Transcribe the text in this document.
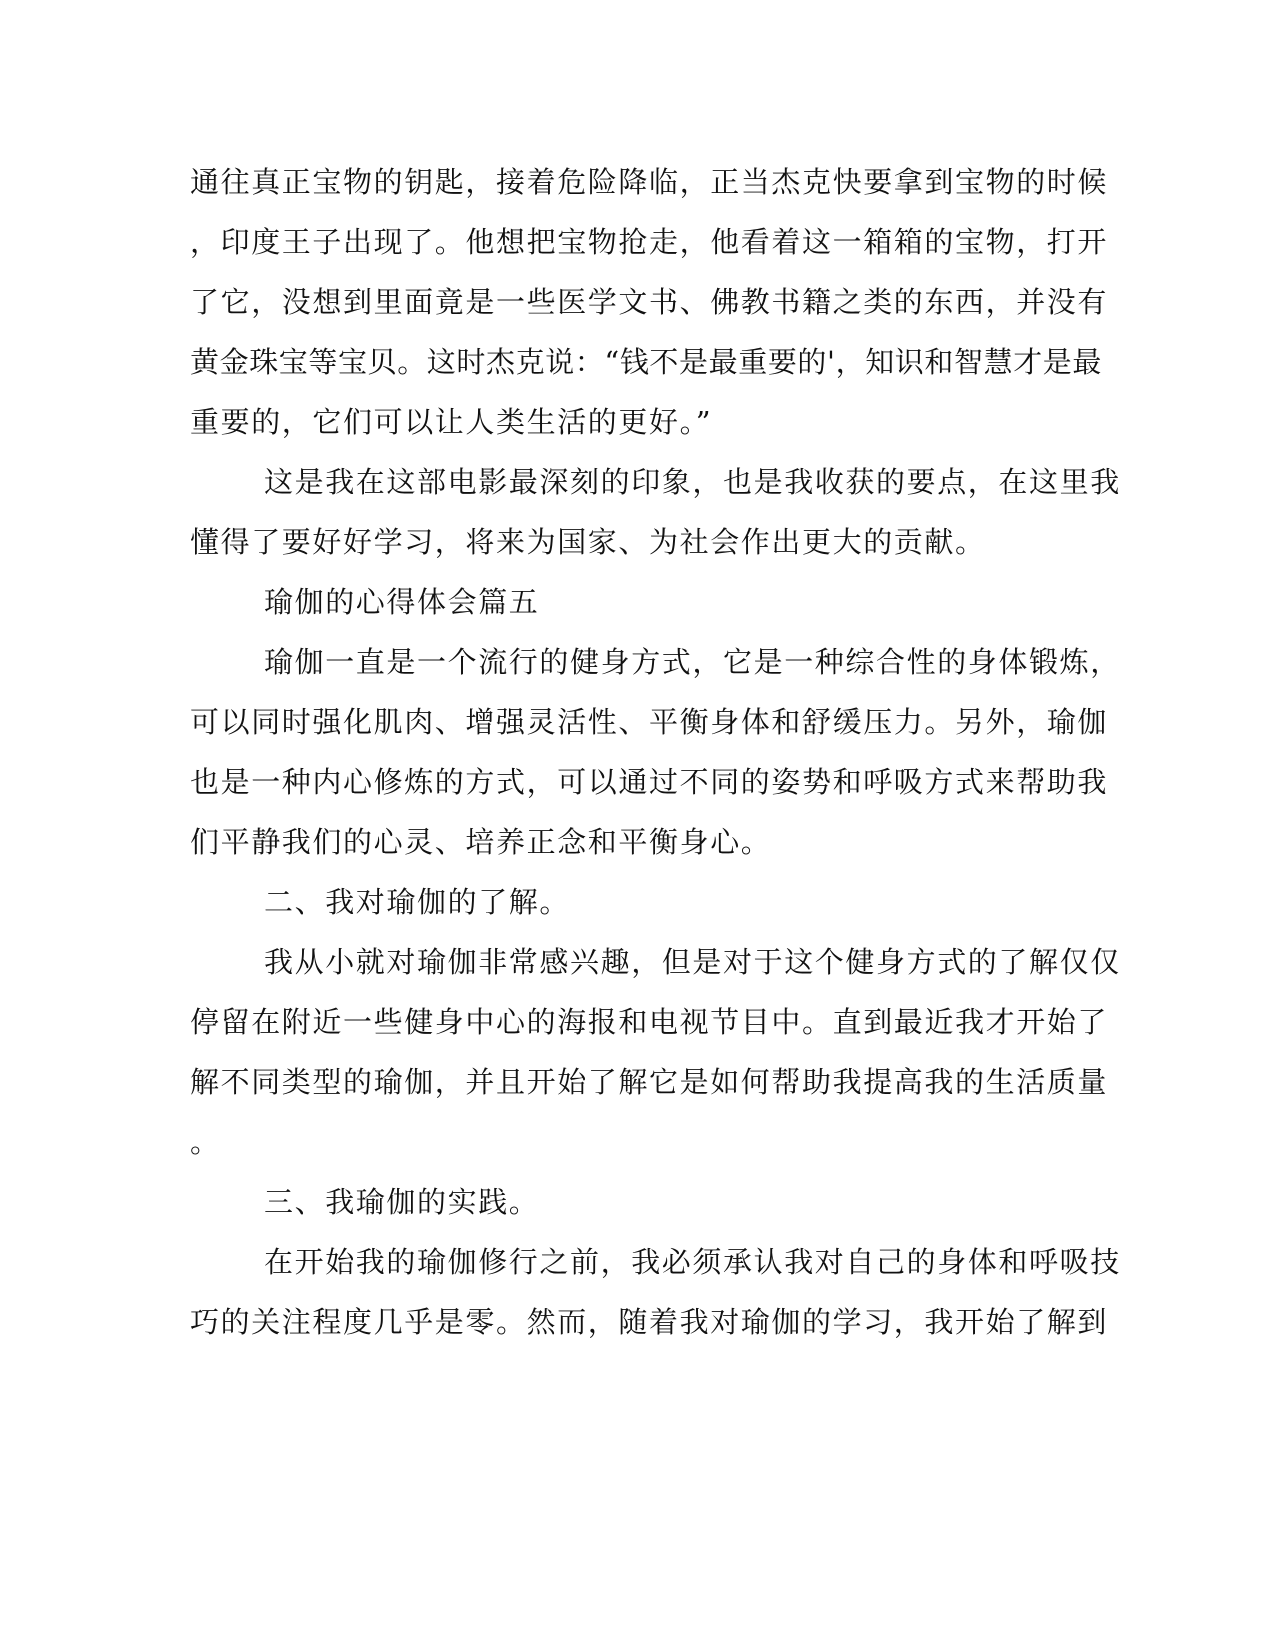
通往真正宝物的钥匙，接着危险降临，正当杰克快要拿到宝物的时候
，印度王子出现了。他想把宝物抢走，他看着这一箱箱的宝物，打开
了它，没想到里面竟是一些医学文书、佛教书籍之类的东西，并没有
黄金珠宝等宝贝。这时杰克说：“钱不是最重要的'，知识和智慧才是最
重要的，它们可以让人类生活的更好。”
这是我在这部电影最深刻的印象，也是我收获的要点，在这里我
懂得了要好好学习，将来为国家、为社会作出更大的贡献。
瑜伽的心得体会篇五
瑜伽一直是一个流行的健身方式，它是一种综合性的身体锻炼，
可以同时强化肌肉、增强灵活性、平衡身体和舒缓压力。另外，瑜伽
也是一种内心修炼的方式，可以通过不同的姿势和呼吸方式来帮助我
们平静我们的心灵、培养正念和平衡身心。
二、我对瑜伽的了解。
我从小就对瑜伽非常感兴趣，但是对于这个健身方式的了解仅仅
停留在附近一些健身中心的海报和电视节目中。直到最近我才开始了
解不同类型的瑜伽，并且开始了解它是如何帮助我提高我的生活质量
。
三、我瑜伽的实践。
在开始我的瑜伽修行之前，我必须承认我对自己的身体和呼吸技
巧的关注程度几乎是零。然而，随着我对瑜伽的学习，我开始了解到
